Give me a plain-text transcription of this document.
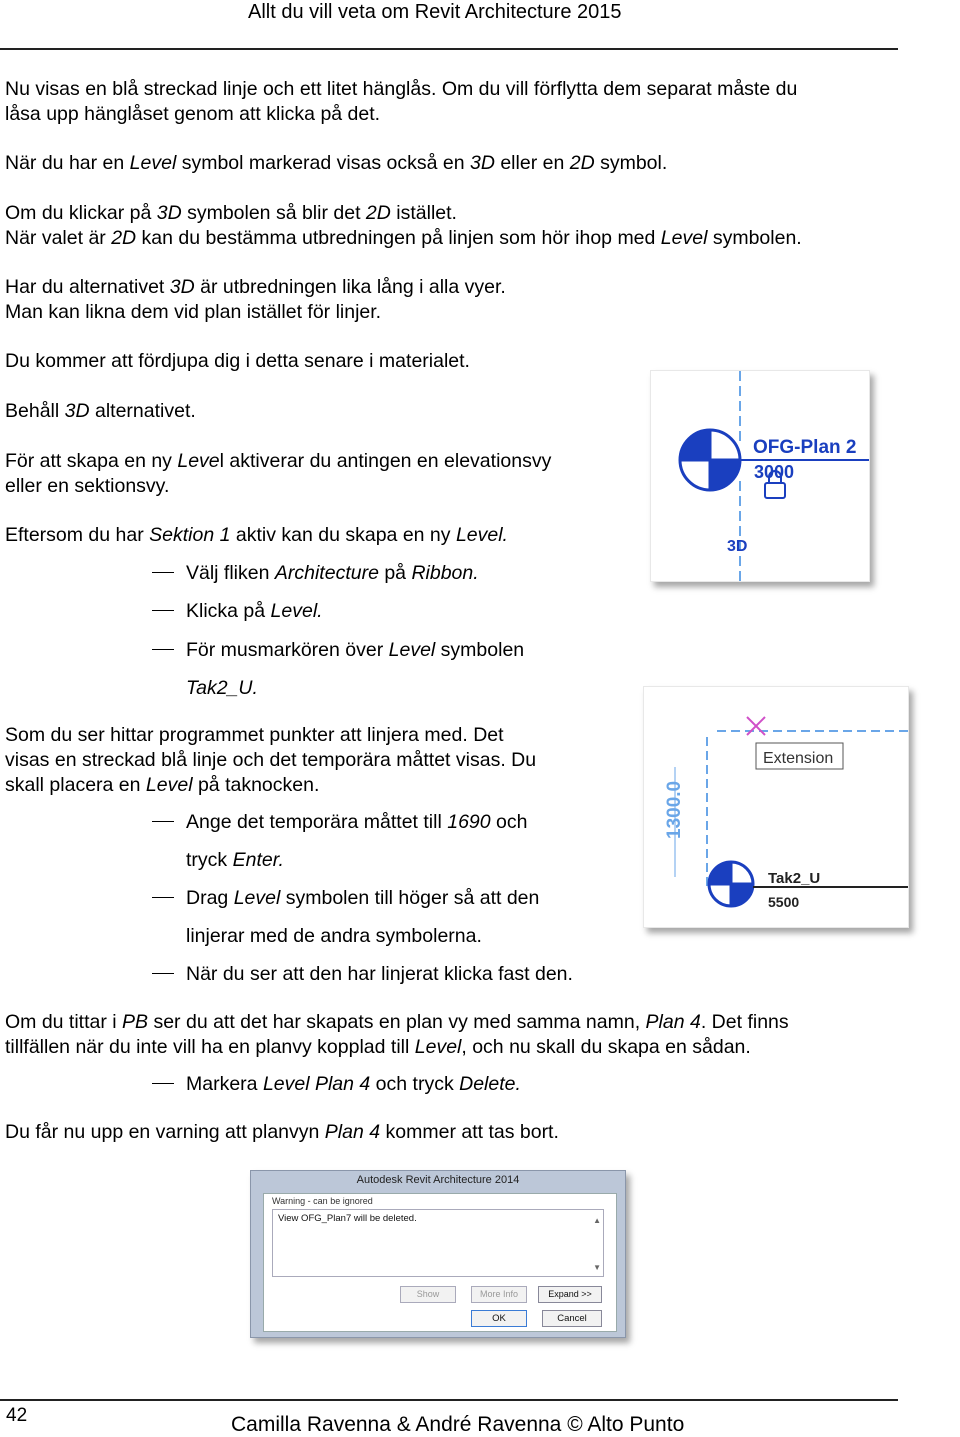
Allt du vill veta om Revit Architecture 2015
Nu visas en blå streckad linje och ett litet hänglås. Om du vill förflytta dem separat måste du
låsa upp hänglåset genom att klicka på det.
När du har en Level symbol markerad visas också en 3D eller en 2D symbol.
Om du klickar på 3D symbolen så blir det 2D istället.
När valet är 2D kan du bestämma utbredningen på linjen som hör ihop med Level symbolen.
Har du alternativet 3D är utbredningen lika lång i alla vyer.
Man kan likna dem vid plan istället för linjer.
Du kommer att fördjupa dig i detta senare i materialet.
Behåll 3D alternativet.
För att skapa en ny Level aktiverar du antingen en elevationsvy
eller en sektionsvy.
Eftersom du har Sektion 1 aktiv kan du skapa en ny Level.
Välj fliken Architecture på Ribbon.
Klicka på Level.
För musmarkören över Level symbolen
Tak2_U.
Som du ser hittar programmet punkter att linjera med. Det
visas en streckad blå linje och det temporära måttet visas. Du
skall placera en Level på taknocken.
Ange det temporära måttet till 1690 och
tryck Enter.
Drag Level symbolen till höger så att den
linjerar med de andra symbolerna.
När du ser att den har linjerat klicka fast den.
Om du tittar i PB ser du att det har skapats en plan vy med samma namn, Plan 4. Det finns
tillfällen när du inte vill ha en planvy kopplad till Level, och nu skall du skapa en sådan.
Markera Level Plan 4 och tryck Delete.
Du får nu upp en varning att planvyn Plan 4 kommer att tas bort.
OFG-Plan 2
3000
3D
Extension
1300.0
Tak2_U
5500
Autodesk Revit Architecture 2014
Warning - can be ignored
View OFG_Plan7 will be deleted.	▲
▼
Show	More Info	Expand >>
OK	Cancel
42	Camilla Ravenna & André Ravenna © Alto Punto
